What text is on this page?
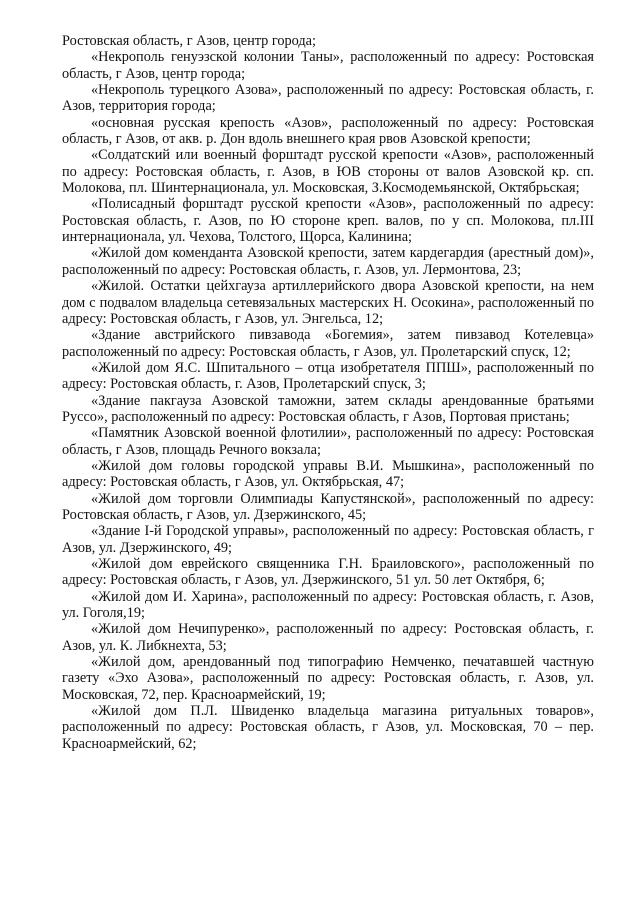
Ростовская область, г Азов, центр города;

«Некрополь генуэзской колонии Таны», расположенный по адресу: Ростовская область, г Азов, центр города;

«Некрополь турецкого Азова», расположенный по адресу: Ростовская область, г. Азов, территория города;

«основная русская крепость «Азов», расположенный по адресу: Ростовская область, г Азов, от акв. р. Дон вдоль внешнего края рвов Азовской крепости;

«Солдатский или военный форштадт русской крепости «Азов», расположенный по адресу: Ростовская область, г. Азов, в ЮВ стороны от валов Азовской кр. сп. Молокова, пл. Шинтернационала, ул. Московская, З.Космодемьянской, Октябрьская;

«Полисадный форштадт русской крепости «Азов», расположенный по адресу: Ростовская область, г. Азов, по Ю стороне креп. валов, по у сп. Молокова, пл.III интернационала, ул. Чехова, Толстого, Щорса, Калинина;

«Жилой дом коменданта Азовской крепости, затем кардегардия (арестный дом)», расположенный по адресу: Ростовская область, г. Азов, ул. Лермонтова, 23;

«Жилой. Остатки цейхгауза артиллерийского двора Азовской крепости, на нем дом с подвалом владельца сетевязальных мастерских Н. Осокина», расположенный по адресу: Ростовская область, г Азов, ул. Энгельса, 12;

«Здание австрийского пивзавода «Богемия», затем пивзавод Котелевца» расположенный по адресу: Ростовская область, г Азов, ул. Пролетарский спуск, 12;

«Жилой дом Я.С. Шпитального – отца изобретателя ППШ», расположенный по адресу: Ростовская область, г. Азов, Пролетарский спуск, 3;

«Здание пакгауза Азовской таможни, затем склады арендованные братьями Руссо», расположенный по адресу: Ростовская область, г Азов, Портовая пристань;

«Памятник Азовской военной флотилии», расположенный по адресу: Ростовская область, г Азов, площадь Речного вокзала;

«Жилой дом головы городской управы В.И. Мышкина», расположенный по адресу: Ростовская область, г Азов, ул. Октябрьская, 47;

«Жилой дом торговли Олимпиады Капустянской», расположенный по адресу: Ростовская область, г Азов, ул. Дзержинского, 45;

«Здание I-й Городской управы», расположенный по адресу: Ростовская область, г Азов, ул. Дзержинского, 49;

«Жилой дом еврейского священника Г.Н. Браиловского», расположенный по адресу: Ростовская область, г Азов, ул. Дзержинского, 51 ул. 50 лет Октября, 6;

«Жилой дом И. Харина», расположенный по адресу: Ростовская область, г. Азов, ул. Гоголя,19;

«Жилой дом Нечипуренко», расположенный по адресу: Ростовская область, г. Азов, ул. К. Либкнехта, 53;

«Жилой дом, арендованный под типографию Немченко, печатавшей частную газету «Эхо Азова», расположенный по адресу: Ростовская область, г. Азов, ул. Московская, 72, пер. Красноармейский, 19;

«Жилой дом П.Л. Швиденко владельца магазина ритуальных товаров», расположенный по адресу: Ростовская область, г Азов, ул. Московская, 70 – пер. Красноармейский, 62;
